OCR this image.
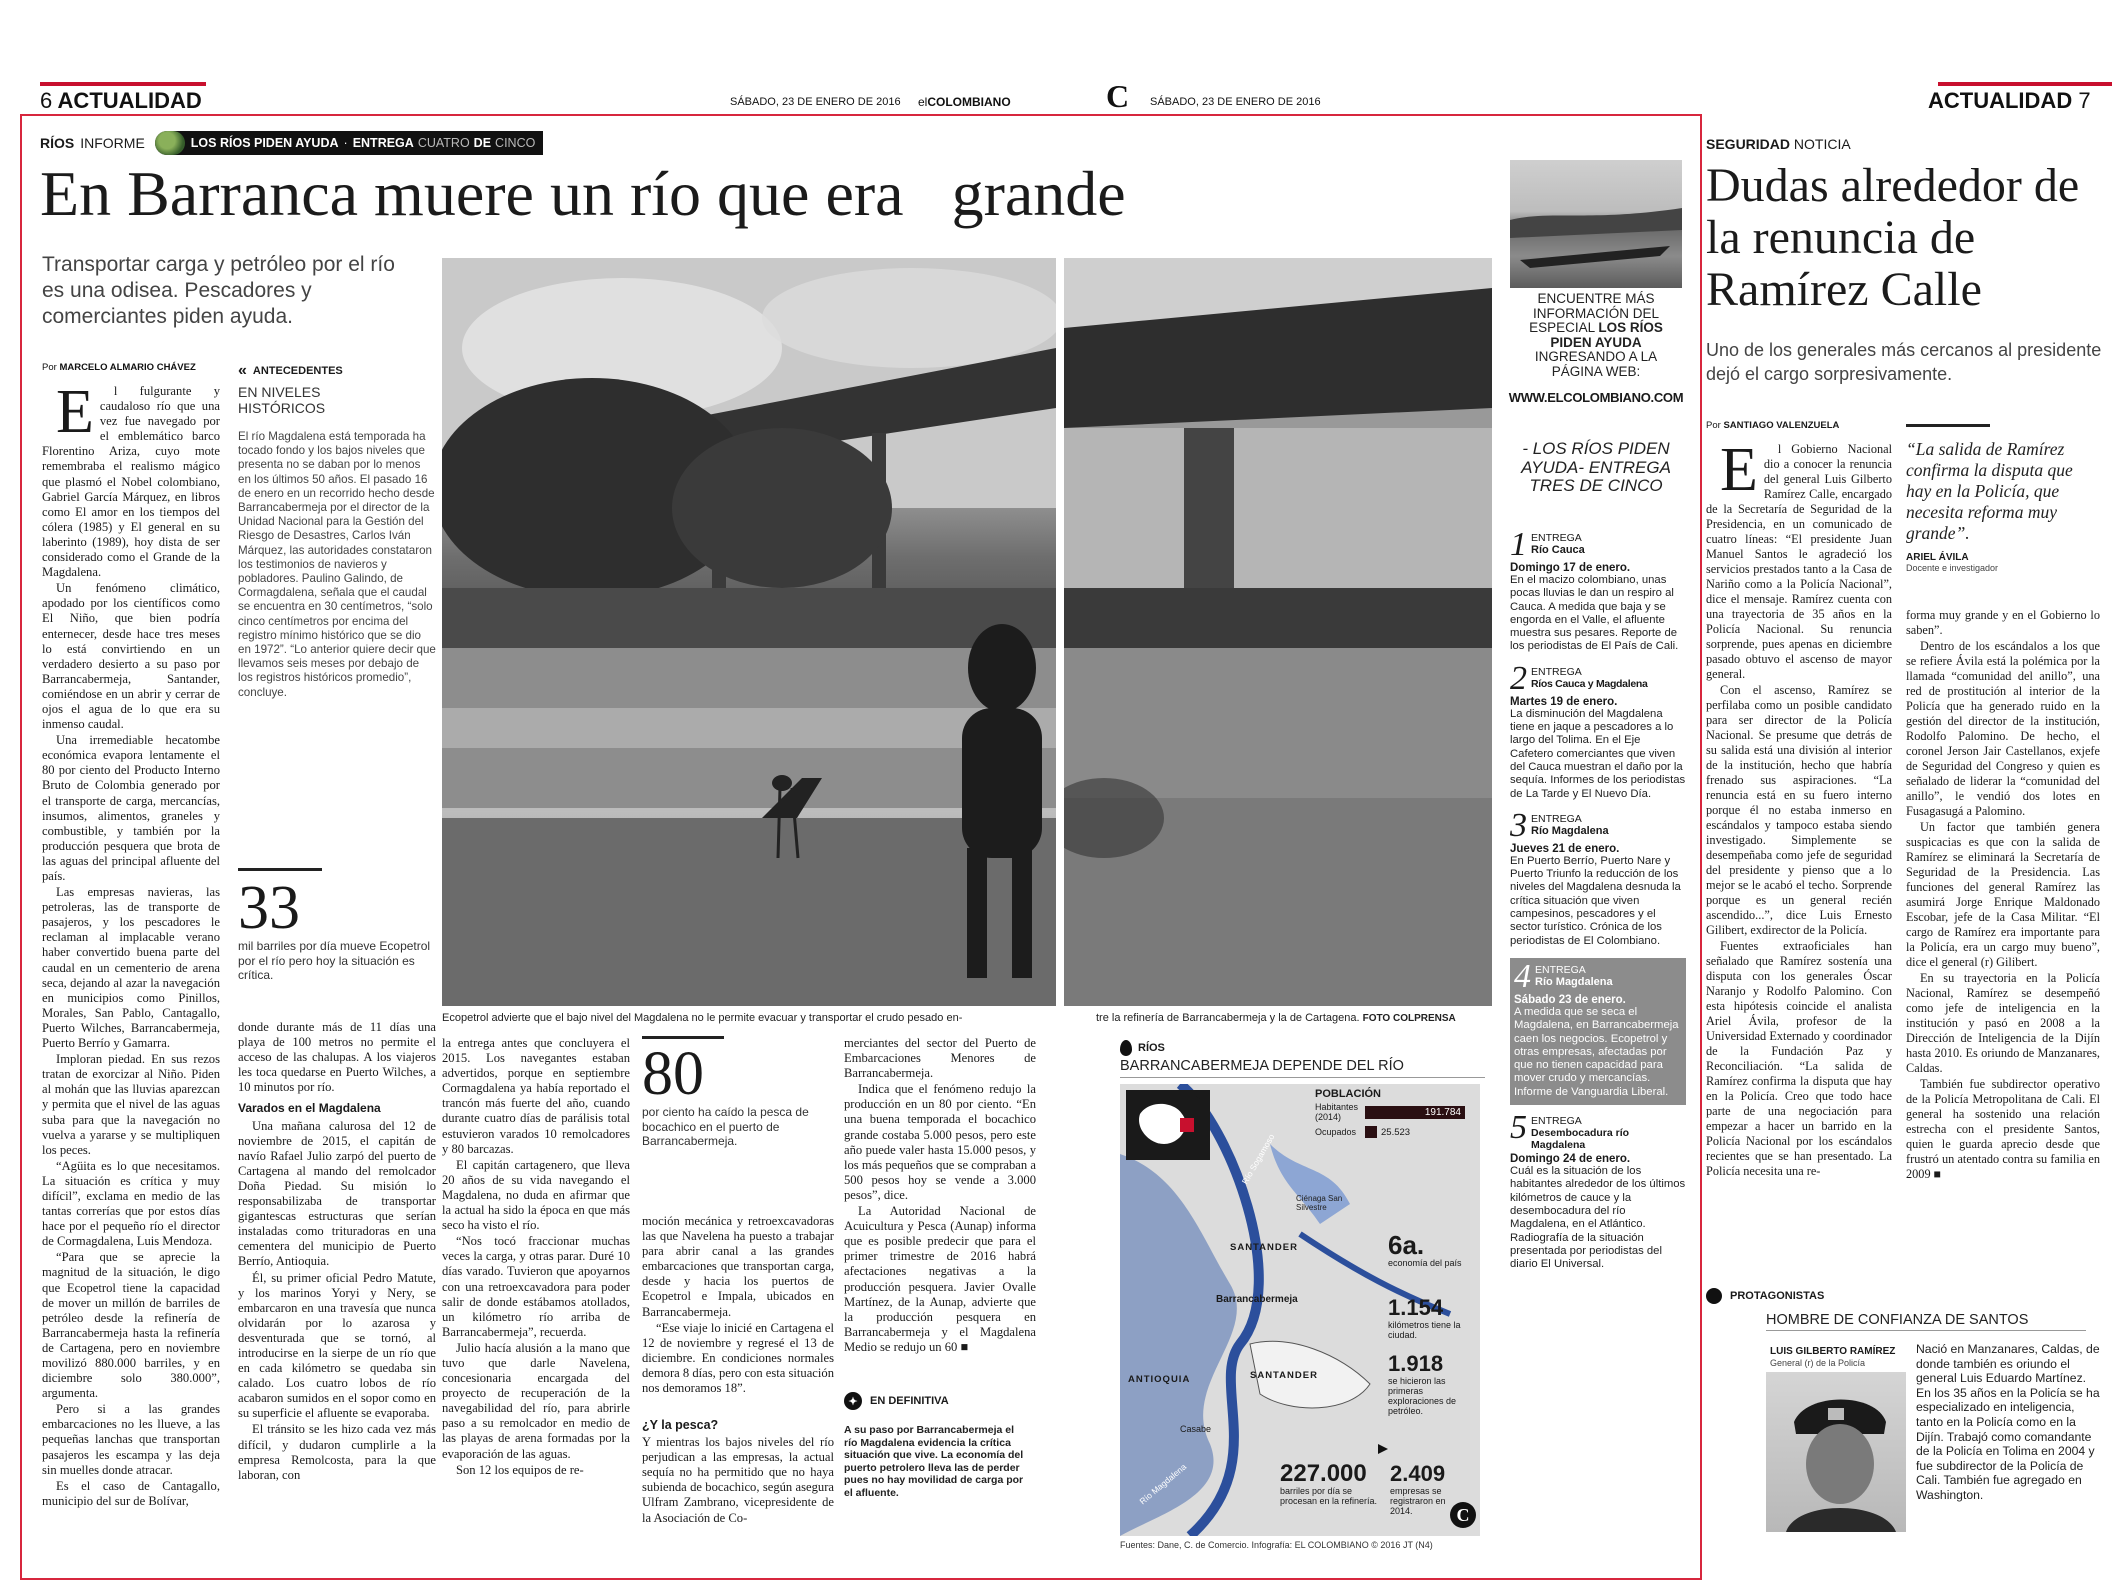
6 ACTUALIDAD	SÁBADO, 23 DE ENERO DE 2016 elCOLOMBIANO	C SÁBADO, 23 DE ENERO DE 2016	ACTUALIDAD 7
RÍOS INFORME	LOS RÍOS PIDEN AYUDA · ENTREGA
CUATRO
DE
CINCO
En Barranca muere un río que era   grande
Transportar carga y petróleo por el río es una odisea. Pescadores y comerciantes piden ayuda.
Por MARCELO ALMARIO CHÁVEZ

El fulgurante y caudaloso río que una vez fue navegado por el emblemático barco Florentino Ariza, cuyo mote remembraba el realismo mágico que plasmó el Nobel colombiano, Gabriel García Márquez, en libros como El amor en los tiempos del cólera (1985) y El general en su laberinto (1989), hoy dista de ser considerado como el Grande de la Magdalena.

Un fenómeno climático, apodado por los científicos como El Niño, que bien podría enternecer, desde hace tres meses lo está convirtiendo en un verdadero desierto a su paso por Barrancabermeja, Santander, comiéndose en un abrir y cerrar de ojos el agua de lo que era su inmenso caudal.

Una irremediable hecatombe económica evapora lentamente el 80 por ciento del Producto Interno Bruto de Colombia generado por el transporte de carga, mercancías, insumos, alimentos, graneles y combustible, y también por la producción pesquera que brota de las aguas del principal afluente del país.

Las empresas navieras, las petroleras, las de transporte de pasajeros, y los pescadores le reclaman al implacable verano haber convertido buena parte del caudal en un cementerio de arena seca, dejando al azar la navegación en municipios como Pinillos, Morales, San Pablo, Cantagallo, Puerto Wilches, Barrancabermeja, Puerto Berrío y Gamarra.

Imploran piedad. En sus rezos tratan de exorcizar al Niño. Piden al mohán que las lluvias aparezcan y permita que el nivel de las aguas suba para que la navegación no vuelva a yararse y se multipliquen los peces.

“Agüita es lo que necesitamos. La situación es crítica y muy difícil”, exclama en medio de las tantas correrías que por estos días hace por el pequeño río el director de Cormagdalena, Luis Mendoza.

“Para que se aprecie la magnitud de la situación, le digo que Ecopetrol tiene la capacidad de mover un millón de barriles de petróleo desde la refinería de Barrancabermeja hasta la refinería de Cartagena, pero en noviembre movilizó 880.000 barriles, y en diciembre solo 380.000”, argumenta.

Pero si a las grandes embarcaciones no les llueve, a las pequeñas lanchas que transportan pasajeros les escampa y las deja sin muelles donde atracar.

Es el caso de Cantagallo, municipio del sur de Bolívar,

« ANTECEDENTES
EN NIVELES HISTÓRICOS
El río Magdalena está temporada ha tocado fondo y los bajos niveles que presenta no se daban por lo menos en los últimos 50 años. El pasado 16 de enero en un recorrido hecho desde Barrancabermeja por el director de la Unidad Nacional para la Gestión del Riesgo de Desastres, Carlos Iván Márquez, las autoridades constataron los testimonios de navieros y pobladores. Paulino Galindo, de Cormagdalena, señala que el caudal se encuentra en 30 centímetros, “solo cinco centímetros por encima del registro mínimo histórico que se dio en 1972”. “Lo anterior quiere decir que llevamos seis meses por debajo de los registros históricos promedio”, concluye.
33
mil barriles por día mueve Ecopetrol por el río pero hoy la situación es crítica.

donde durante más de 11 días una playa de 100 metros no permite el acceso de las chalupas. A los viajeros les toca quedarse en Puerto Wilches, a 10 minutos por río.

Varados en el Magdalena

Una mañana calurosa del 12 de noviembre de 2015, el capitán de navío Rafael Julio zarpó del puerto de Cartagena al mando del remolcador Doña Piedad. Su misión lo responsabilizaba de transportar gigantescas estructuras que serían instaladas como trituradoras en una cementera del municipio de Puerto Berrío, Antioquia.

Él, su primer oficial Pedro Matute, y los marinos Yoryi y Nery, se embarcaron en una travesía que nunca olvidarán por lo azarosa y desventurada que se tornó, al introducirse en la sierpe de un río que en cada kilómetro se quedaba sin calado. Los cuatro lobos de río acabaron sumidos en el sopor como en su superficie el afluente se evaporaba.

El tránsito se les hizo cada vez más difícil, y dudaron cumplirle a la empresa Remolcosta, para la que laboran, con

Ecopetrol advierte que el bajo nivel del Magdalena no le permite evacuar y transportar el crudo pesado en-	tre la refinería de Barrancabermeja y la de Cartagena. FOTO COLPRENSA

la entrega antes que concluyera el 2015. Los navegantes estaban advertidos, porque en septiembre Cormagdalena ya había reportado el trancón más fuerte del año, cuando durante cuatro días de parálisis total estuvieron varados 10 remolcadores y 80 barcazas.

El capitán cartagenero, que lleva 20 años de su vida navegando el Magdalena, no duda en afirmar que la actual ha sido la época en que más seco ha visto el río.

“Nos tocó fraccionar muchas veces la carga, y otras parar. Duré 10 días varado. Tuvieron que apoyarnos con una retroexcavadora para poder salir de donde estábamos atollados, un kilómetro río arriba de Barrancabermeja”, recuerda.

Julio hacía alusión a la mano que tuvo que darle Navelena, concesionaria encargada del proyecto de recuperación de la navegabilidad del río, para abrirle paso a su remolcador en medio de las playas de arena formadas por la evaporación de las aguas.

Son 12 los equipos de re-

80
por ciento ha caído la pesca de bocachico en el puerto de Barrancabermeja.

moción mecánica y retroexcavadoras las que Navelena ha puesto a trabajar para abrir canal a las grandes embarcaciones que transportan carga, desde y hacia los puertos de Ecopetrol e Impala, ubicados en Barrancabermeja.

“Ese viaje lo inicié en Cartagena el 12 de noviembre y regresé el 13 de diciembre. En condiciones normales demora 8 días, pero con esta situación nos demoramos 18”.

¿Y la pesca?

Y mientras los bajos niveles del río perjudican a las empresas, la actual sequía no ha permitido que no haya subienda de bocachico, según asegura Ulfram Zambrano, vicepresidente de la Asociación de Co-

merciantes del sector del Puerto de Embarcaciones Menores de Barrancabermeja.

Indica que el fenómeno redujo la producción en un 80 por ciento. “En una buena temporada el bocachico grande costaba 5.000 pesos, pero este año puede valer hasta 15.000 pesos, y los más pequeños que se compraban a 500 pesos hoy se vende a 3.000 pesos”, dice.

La Autoridad Nacional de Acuicultura y Pesca (Aunap) informa que es posible predecir que para el primer trimestre de 2016 habrá afectaciones negativas a la producción pesquera. Javier Ovalle Martínez, de la Aunap, advierte que la producción pesquera en Barrancabermeja y el Magdalena Medio se redujo un 60 ■

✦	EN DEFINITIVA
A su paso por Barrancabermeja el río Magdalena evidencia la crítica situación que vive. La economía del puerto petrolero lleva las de perder pues no hay movilidad de carga por el afluente.
RÍOS
BARRANCABERMEJA DEPENDE DEL RÍO
N	POBLACIÓN
Habitantes (2014)	191.784
Ocupados	25.523
Ciénaga San Silvestre
SANTANDER
Barrancabermeja
ANTIOQUIA	SANTANDER
Casabe
Río Magdalena
Río Sogamoso
6a.
economía del país
1.154
kilómetros tiene la ciudad.
1.918
se hicieron las primeras exploraciones de petróleo.
227.000
barriles por día se procesan en la refinería.
2.409
empresas se registraron en 2014.	C
Fuentes: Dane, C. de Comercio. Infografía: EL COLOMBIANO © 2016 JT (N4)
ENCUENTRE MÁS
INFORMACIÓN DEL
ESPECIAL LOS RÍOS
PIDEN AYUDA
INGRESANDO A LA
PÁGINA WEB:
WWW.ELCOLOMBIANO.COM
- LOS RÍOS PIDEN AYUDA- ENTREGA TRES DE CINCO
1 ENTREGA
Río Cauca
Domingo 17 de enero.
En el macizo colombiano, unas pocas lluvias le dan un respiro al Cauca. A medida que baja y se engorda en el Valle, el afluente muestra sus pesares. Reporte de los periodistas de El País de Cali.
2 ENTREGA
Ríos Cauca y Magdalena
Martes 19 de enero.
La disminución del Magdalena tiene en jaque a pescadores a lo largo del Tolima. En el Eje Cafetero comerciantes que viven del Cauca muestran el daño por la sequía. Informes de los periodistas de La Tarde y El Nuevo Día.
3 ENTREGA
Río Magdalena
Jueves 21 de enero.
En Puerto Berrío, Puerto Nare y Puerto Triunfo la reducción de los niveles del Magdalena desnuda la crítica situación que viven campesinos, pescadores y el sector turístico. Crónica de los periodistas de El Colombiano.
4 ENTREGA
Río Magdalena
Sábado 23 de enero.
A medida que se seca el Magdalena, en Barrancabermeja caen los negocios. Ecopetrol y otras empresas, afectadas por que no tienen capacidad para mover crudo y mercancías. Informe de Vanguardia Liberal.
5 ENTREGA
Desembocadura río Magdalena
Domingo 24 de enero.
Cuál es la situación de los habitantes alrededor de los últimos kilómetros de cauce y la desembocadura del río Magdalena, en el Atlántico. Radiografía de la situación presentada por periodistas del diario El Universal.
SEGURIDAD NOTICIA
Dudas alrededor de la renuncia de Ramírez Calle
Uno de los generales más cercanos al presidente dejó el cargo sorpresivamente.
Por SANTIAGO VALENZUELA

El Gobierno Nacional dio a conocer la renuncia del general Luis Gilberto Ramírez Calle, encargado de la Secretaría de Seguridad de la Presidencia, en un comunicado de cuatro líneas: “El presidente Juan Manuel Santos le agradeció los servicios prestados tanto a la Casa de Nariño como a la Policía Nacional”, dice el mensaje. Ramírez cuenta con una trayectoria de 35 años en la Policía Nacional. Su renuncia sorprende, pues apenas en diciembre pasado obtuvo el ascenso de mayor general.

Con el ascenso, Ramírez se perfilaba como un posible candidato para ser director de la Policía Nacional. Se presume que detrás de su salida está una división al interior de la institución, hecho que habría frenado sus aspiraciones. “La renuncia está en su fuero interno porque él no estaba inmerso en escándalos y tampoco estaba siendo investigado. Simplemente se desempeñaba como jefe de seguridad del presidente y pienso que a lo mejor se le acabó el techo. Sorprende porque es un general recién ascendido...”, dice Luis Ernesto Gilibert, exdirector de la Policía.

Fuentes extraoficiales han señalado que Ramírez sostenía una disputa con los generales Óscar Naranjo y Rodolfo Palomino. Con esta hipótesis coincide el analista Ariel Ávila, profesor de la Universidad Externado y coordinador de la Fundación Paz y Reconciliación. “La salida de Ramírez confirma la disputa que hay en la Policía. Creo que todo hace parte de una negociación para empezar a hacer un barrido en la Policía Nacional por los escándalos recientes que se han presentado. La Policía necesita una re-

“La salida de Ramírez confirma la disputa que hay en la Policía, que necesita reforma muy grande”.
ARIEL ÁVILA
Docente e investigador

forma muy grande y en el Gobierno lo saben”.

Dentro de los escándalos a los que se refiere Ávila está la polémica por la llamada “comunidad del anillo”, una red de prostitución al interior de la Policía que ha generado ruido en la gestión del director de la institución, Rodolfo Palomino. De hecho, el coronel Jerson Jair Castellanos, exjefe de Seguridad del Congreso y quien es señalado de liderar la “comunidad del anillo”, le vendió dos lotes en Fusagasugá a Palomino.

Un factor que también genera suspicacias es que con la salida de Ramírez se eliminará la Secretaría de Seguridad de la Presidencia. Las funciones del general Ramírez las asumirá Jorge Enrique Maldonado Escobar, jefe de la Casa Militar. “El cargo de Ramírez era importante para la Policía, era un cargo muy bueno”, dice el general (r) Gilibert.

En su trayectoria en la Policía Nacional, Ramírez se desempeñó como jefe de inteligencia en la institución y pasó en 2008 a la Dirección de Inteligencia de la Dijín hasta 2010. Es oriundo de Manzanares, Caldas.

También fue subdirector operativo de la Policía Metropolitana de Cali. El general ha sostenido una relación estrecha con el presidente Santos, quien le guarda aprecio desde que frustró un atentado contra su familia en 2009 ■

PROTAGONISTAS
HOMBRE DE CONFIANZA DE SANTOS
LUIS GILBERTO RAMÍREZ
General (r) de la Policía
Nació en Manzanares, Caldas, de donde también es oriundo el general Luis Eduardo Martínez. En los 35 años en la Policía se ha especializado en inteligencia, tanto en la Policía como en la Dijín. Trabajó como comandante de la Policía en Tolima en 2004 y fue subdirector de la Policía de Cali. También fue agregado en Washington.
